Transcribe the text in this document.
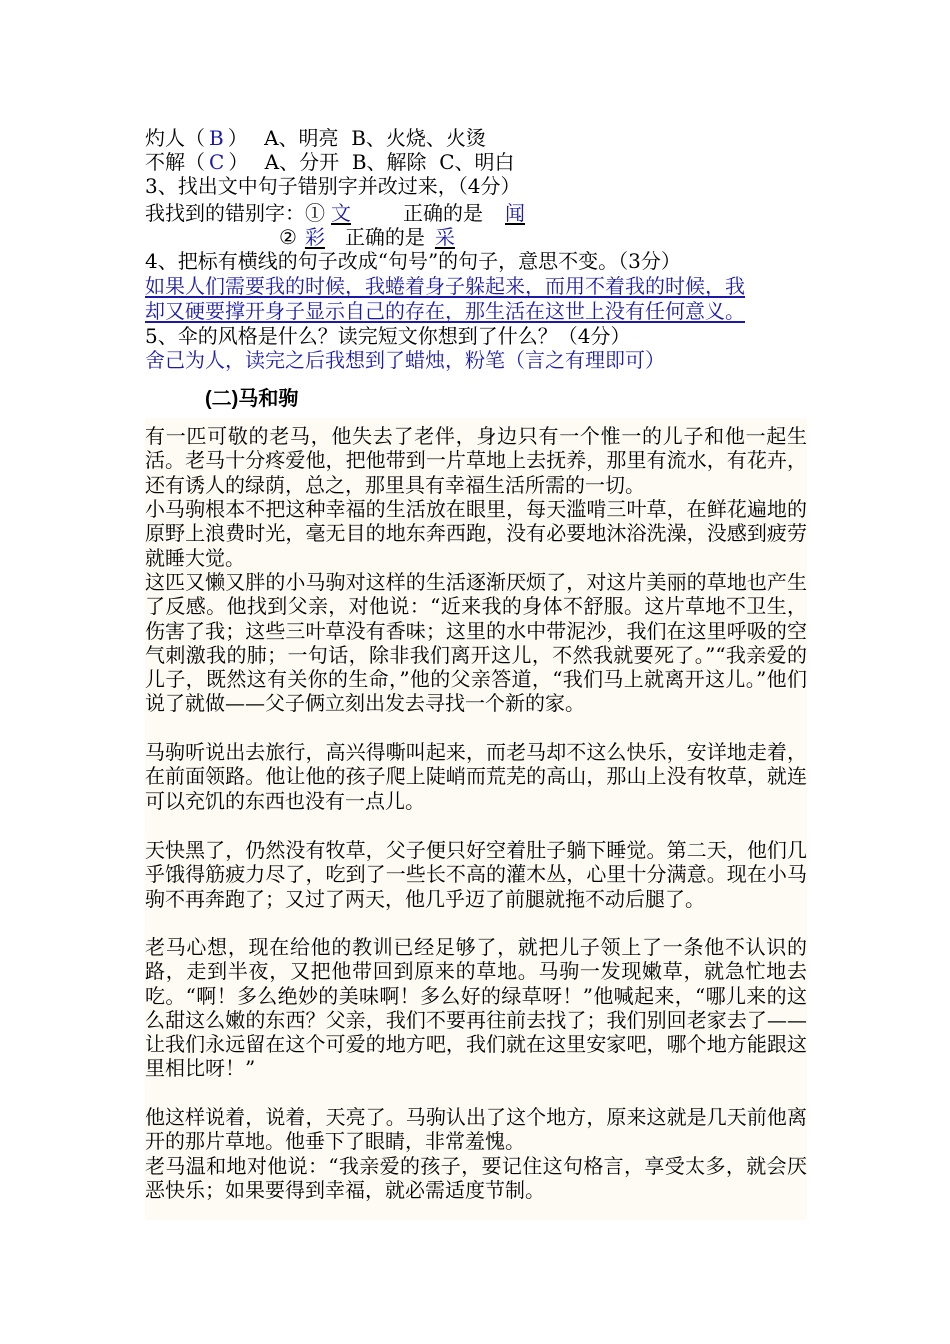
灼人（ B ） A、明亮  B、火烧、火烫
不解（ C ） A、分开  B、解除  C、明白
3、找出文中句子错别字并改过来，（4分）
我找到的错别字：① 文	正确的是 闻
② 彩 正确的是 采
4、把标有横线的句子改成“句号”的句子，意思不变。（3分）
如果人们需要我的时候，我蜷着身子躲起来，而用不着我的时候，我
却又硬要撑开身子显示自己的存在，那生活在这世上没有任何意义。
5、伞的风格是什么？读完短文你想到了什么？（4分）
舍己为人，读完之后我想到了蜡烛，粉笔（言之有理即可）
(二)马和驹

有一匹可敬的老马，他失去了老伴，身边只有一个惟一的儿子和他一起生活。老马十分疼爱他，把他带到一片草地上去抚养，那里有流水，有花卉，还有诱人的绿荫，总之，那里具有幸福生活所需的一切。

小马驹根本不把这种幸福的生活放在眼里，每天滥啃三叶草，在鲜花遍地的原野上浪费时光，毫无目的地东奔西跑，没有必要地沐浴洗澡，没感到疲劳就睡大觉。

这匹又懒又胖的小马驹对这样的生活逐渐厌烦了，对这片美丽的草地也产生了反感。他找到父亲，对他说：“近来我的身体不舒服。这片草地不卫生，伤害了我；这些三叶草没有香味；这里的水中带泥沙，我们在这里呼吸的空气刺激我的肺；一句话，除非我们离开这儿，不然我就要死了。”“我亲爱的儿子，既然这有关你的生命，”他的父亲答道，“我们马上就离开这儿。”他们说了就做——父子俩立刻出发去寻找一个新的家。

马驹听说出去旅行，高兴得嘶叫起来，而老马却不这么快乐，安详地走着，在前面领路。他让他的孩子爬上陡峭而荒芜的高山，那山上没有牧草，就连可以充饥的东西也没有一点儿。

天快黑了，仍然没有牧草，父子便只好空着肚子躺下睡觉。第二天，他们几乎饿得筋疲力尽了，吃到了一些长不高的灌木丛，心里十分满意。现在小马驹不再奔跑了；又过了两天，他几乎迈了前腿就拖不动后腿了。

老马心想，现在给他的教训已经足够了，就把儿子领上了一条他不认识的路，走到半夜，又把他带回到原来的草地。马驹一发现嫩草，就急忙地去吃。“啊！多么绝妙的美味啊！多么好的绿草呀！”他喊起来，“哪儿来的这么甜这么嫩的东西？父亲，我们不要再往前去找了；我们别回老家去了——让我们永远留在这个可爱的地方吧，我们就在这里安家吧，哪个地方能跟这里相比呀！”

他这样说着，说着，天亮了。马驹认出了这个地方，原来这就是几天前他离开的那片草地。他垂下了眼睛，非常羞愧。

老马温和地对他说：“我亲爱的孩子，要记住这句格言，享受太多，就会厌恶快乐；如果要得到幸福，就必需适度节制。
